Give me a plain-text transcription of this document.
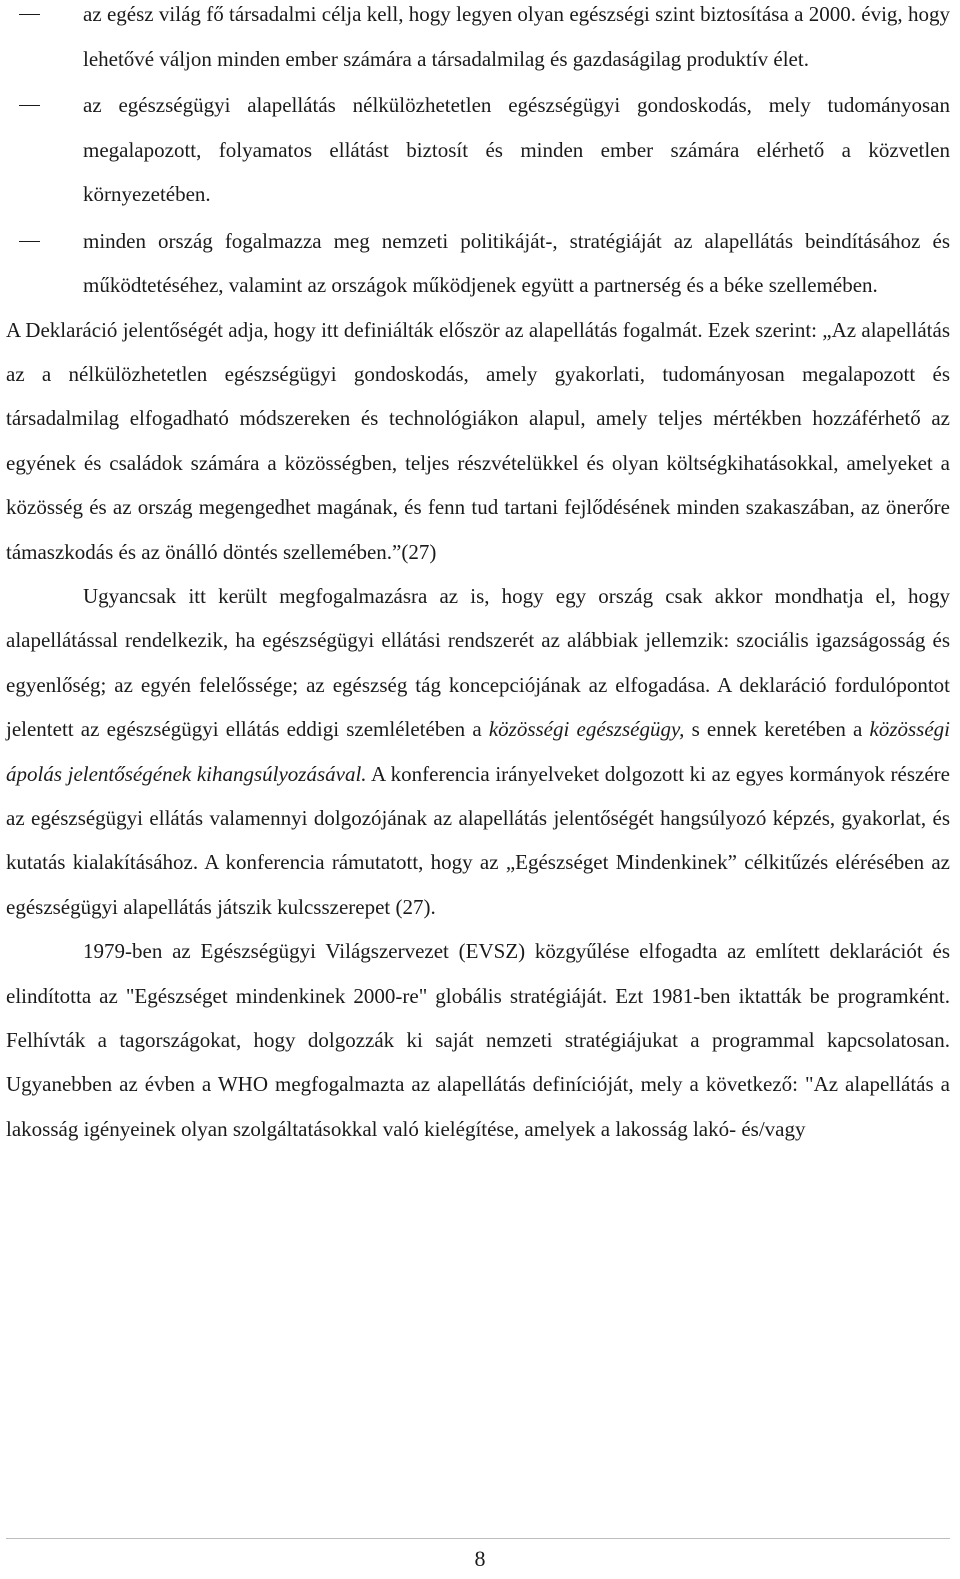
az egész világ fő társadalmi célja kell, hogy legyen olyan egészségi szint biztosítása a 2000. évig, hogy lehetővé váljon minden ember számára a társadalmilag és gazdaságilag produktív élet.
az egészségügyi alapellátás nélkülözhetetlen egészségügyi gondoskodás, mely tudományosan megalapozott, folyamatos ellátást biztosít és minden ember számára elérhető a közvetlen környezetében.
minden ország fogalmazza meg nemzeti politikáját-, stratégiáját az alapellátás beindításához és működtetéséhez, valamint az országok működjenek együtt a partnerség és a béke szellemében.

A Deklaráció jelentőségét adja, hogy itt definiálták először az alapellátás fogalmát. Ezek szerint: „Az alapellátás az a nélkülözhetetlen egészségügyi gondoskodás, amely gyakorlati, tudományosan megalapozott és társadalmilag elfogadható módszereken és technológiákon alapul, amely teljes mértékben hozzáférhető az egyének és családok számára a közösségben, teljes részvételükkel és olyan költségkihatásokkal, amelyeket a közösség és az ország megengedhet magának, és fenn tud tartani fejlődésének minden szakaszában, az önerőre támaszkodás és az önálló döntés szellemében.”(27)

Ugyancsak itt került megfogalmazásra az is, hogy egy ország csak akkor mondhatja el, hogy alapellátással rendelkezik, ha egészségügyi ellátási rendszerét az alábbiak jellemzik: szociális igazságosság és egyenlőség; az egyén felelőssége; az egészség tág koncepciójának az elfogadása. A deklaráció fordulópontot jelentett az egészségügyi ellátás eddigi szemléletében a közösségi egészségügy, s ennek keretében a közösségi ápolás jelentőségének kihangsúlyozásával. A konferencia irányelveket dolgozott ki az egyes kormányok részére az egészségügyi ellátás valamennyi dolgozójának az alapellátás jelentőségét hangsúlyozó képzés, gyakorlat, és kutatás kialakításához. A konferencia rámutatott, hogy az „Egészséget Mindenkinek” célkitűzés elérésében az egészségügyi alapellátás játszik kulcsszerepet (27).

1979-ben az Egészségügyi Világszervezet (EVSZ) közgyűlése elfogadta az említett deklarációt és elindította az "Egészséget mindenkinek 2000-re" globális stratégiáját. Ezt 1981-ben iktatták be programként. Felhívták a tagországokat, hogy dolgozzák ki saját nemzeti stratégiájukat a programmal kapcsolatosan. Ugyanebben az évben a WHO megfogalmazta az alapellátás definícióját, mely a következő: "Az alapellátás a lakosság igényeinek olyan szolgáltatásokkal való kielégítése, amelyek a lakosság lakó- és/vagy

8
